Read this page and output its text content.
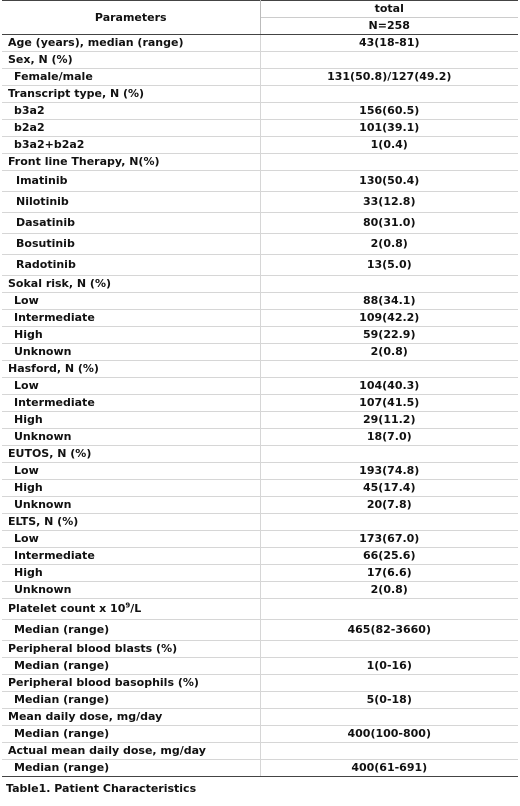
Parameters	total
	N=258
Age (years), median (range)	43(18-81)
Sex, N (%)	
Female/male	131(50.8)/127(49.2)
Transcript type, N (%)	
b3a2	156(60.5)
b2a2	101(39.1)
b3a2+b2a2	1(0.4)
Front line Therapy, N(%)	
Imatinib	130(50.4)
Nilotinib	33(12.8)
Dasatinib	80(31.0)
Bosutinib	2(0.8)
Radotinib	13(5.0)
Sokal risk, N (%)	
Low	88(34.1)
Intermediate	109(42.2)
High	59(22.9)
Unknown	2(0.8)
Hasford, N (%)	
Low	104(40.3)
Intermediate	107(41.5)
High	29(11.2)
Unknown	18(7.0)
EUTOS, N (%)	
Low	193(74.8)
High	45(17.4)
Unknown	20(7.8)
ELTS, N (%)	
Low	173(67.0)
Intermediate	66(25.6)
High	17(6.6)
Unknown	2(0.8)
Platelet count x $10^9/L$	
Median (range)	465(82-3660)
Peripheral blood blasts (%)	
Median (range)	1(0-16)
Peripheral blood basophils (%)	
Median (range)	5(0-18)
Mean daily dose, mg/day	
Median (range)	400(100-800)
Actual mean daily dose, mg/day	
Median (range)	400(61-691)
Table1. Patient Characteristics
